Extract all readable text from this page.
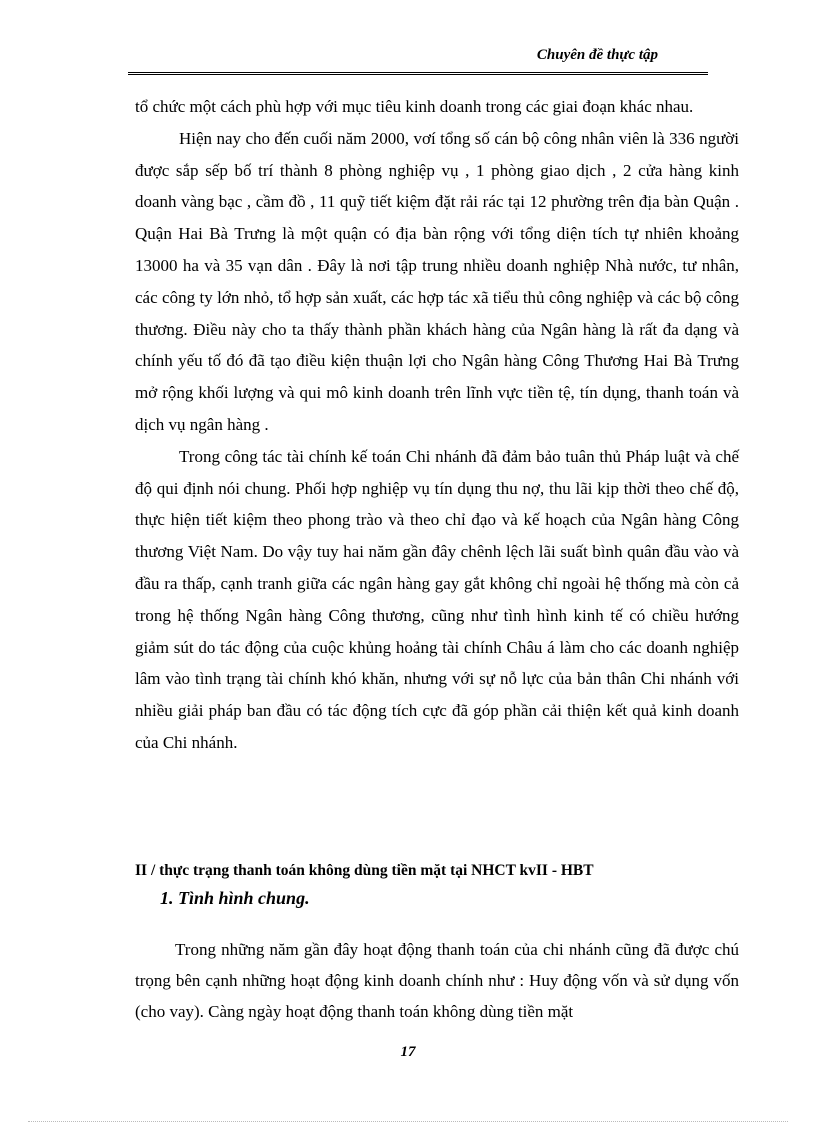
Chuyên đề thực tập

tổ chức một cách phù hợp với mục tiêu kinh doanh trong các giai đoạn khác nhau.

Hiện nay cho đến cuối năm 2000, vơí tổng số cán bộ công nhân viên là 336 người được sắp sếp bố trí thành 8 phòng nghiệp vụ , 1 phòng giao dịch , 2 cửa hàng kinh doanh vàng bạc , cầm đồ , 11 quỹ tiết kiệm đặt rải rác tại 12 phường trên địa bàn Quận . Quận Hai Bà Trưng là một quận có địa bàn rộng với tổng diện tích tự nhiên khoảng 13000 ha và 35 vạn dân . Đây là nơi tập trung nhiều doanh nghiệp Nhà nước, tư nhân, các công ty lớn nhỏ, tổ hợp sản xuất, các hợp tác xã tiểu thủ công nghiệp và các bộ công thương. Điều này cho ta thấy thành phần khách hàng của Ngân hàng là rất đa dạng và chính yếu tố đó đã tạo điều kiện thuận lợi cho Ngân hàng Công Thương Hai Bà Trưng mở rộng khối lượng và qui mô kinh doanh trên lĩnh vực tiền tệ, tín dụng, thanh toán và dịch vụ ngân hàng .

Trong công tác tài chính kế toán Chi nhánh đã đảm bảo tuân thủ Pháp luật và chế độ qui định nói chung. Phối hợp nghiệp vụ tín dụng thu nợ, thu lãi kịp thời theo chế độ, thực hiện tiết kiệm theo phong trào và theo chỉ đạo và kế hoạch của Ngân hàng Công thương Việt Nam. Do vậy tuy hai năm gần đây chênh lệch lãi suất bình quân đầu vào và đầu ra thấp, cạnh tranh giữa các ngân hàng gay gắt không chỉ ngoài hệ thống mà còn cả trong hệ thống Ngân hàng Công thương, cũng như tình hình kinh tế có chiều hướng giảm sút do tác động của cuộc khủng hoảng tài chính Châu á làm cho các doanh nghiệp lâm vào tình trạng tài chính khó khăn, nhưng với sự nỗ lực của bản thân Chi nhánh với nhiều giải pháp ban đầu có tác động tích cực đã góp phần cải thiện kết quả kinh doanh của Chi nhánh.

II / thực trạng thanh toán không dùng tiền mặt tại NHCT kvII - HBT
1. Tình hình chung.

Trong những năm gần đây hoạt động thanh toán của chi nhánh cũng đã được chú trọng bên cạnh những hoạt động kinh doanh chính như : Huy động vốn và sử dụng vốn (cho vay). Càng ngày hoạt động thanh toán không dùng tiền mặt

17
